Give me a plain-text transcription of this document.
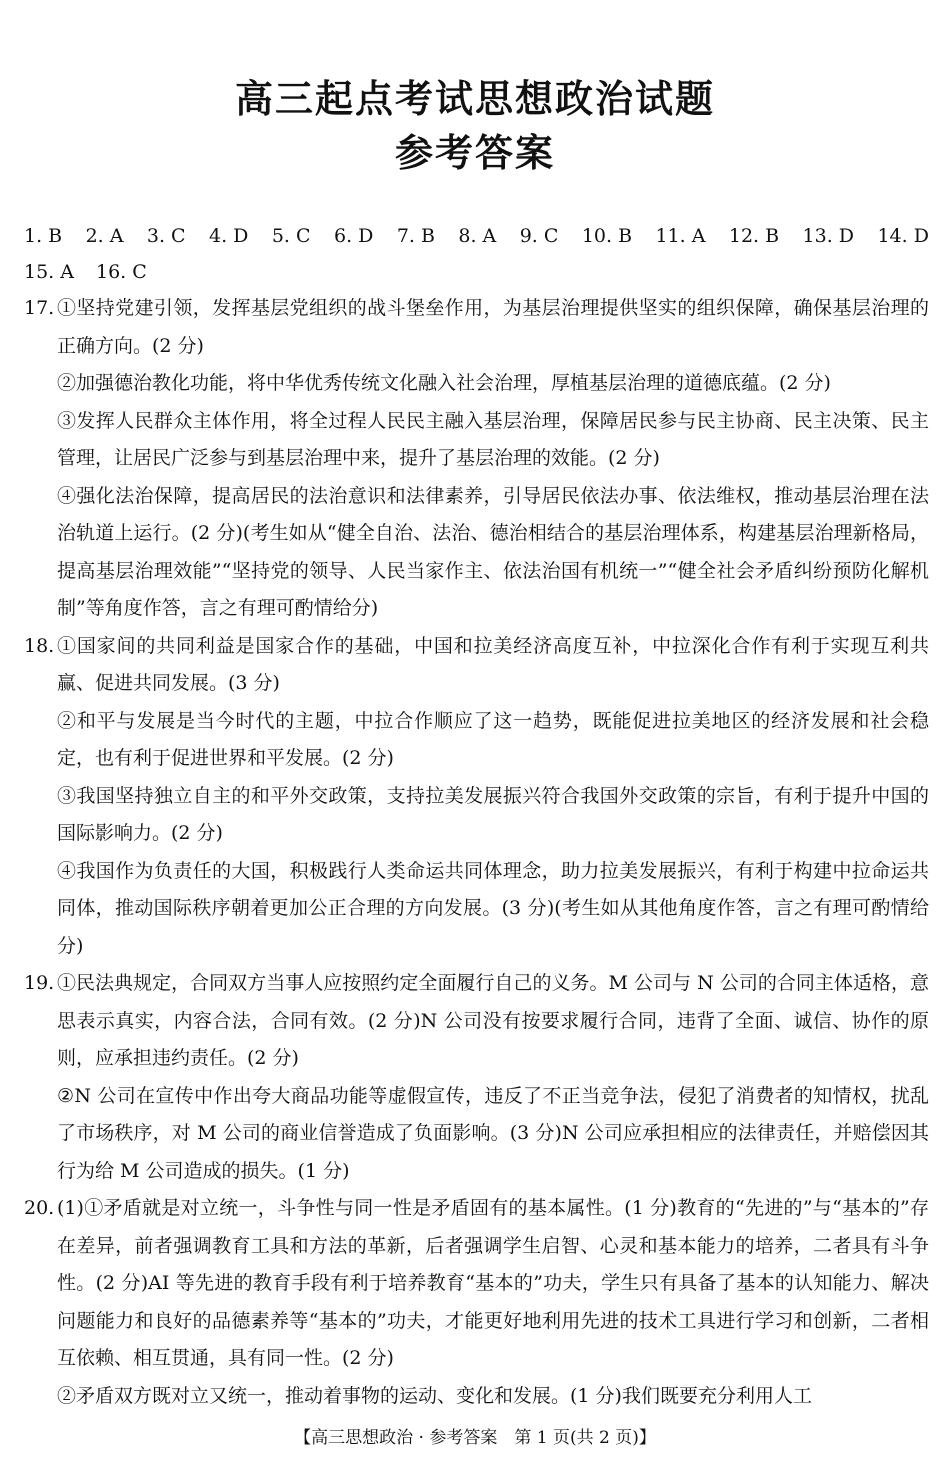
高三起点考试思想政治试题
参考答案
1. B 2. A 3. C 4. D 5. C 6. D 7. B 8. A 9. C 10. B 11. A 12. B 13. D 14. D
15. A 16. C
17. ①坚持党建引领，发挥基层党组织的战斗堡垒作用，为基层治理提供坚实的组织保障，确保基层治理的正确方向。(2 分)

②加强德治教化功能，将中华优秀传统文化融入社会治理，厚植基层治理的道德底蕴。(2 分)

③发挥人民群众主体作用，将全过程人民民主融入基层治理，保障居民参与民主协商、民主决策、民主管理，让居民广泛参与到基层治理中来，提升了基层治理的效能。(2 分)

④强化法治保障，提高居民的法治意识和法律素养，引导居民依法办事、依法维权，推动基层治理在法治轨道上运行。(2 分)(考生如从“健全自治、法治、德治相结合的基层治理体系，构建基层治理新格局，提高基层治理效能”“坚持党的领导、人民当家作主、依法治国有机统一”“健全社会矛盾纠纷预防化解机制”等角度作答，言之有理可酌情给分)

18. ①国家间的共同利益是国家合作的基础，中国和拉美经济高度互补，中拉深化合作有利于实现互利共赢、促进共同发展。(3 分)

②和平与发展是当今时代的主题，中拉合作顺应了这一趋势，既能促进拉美地区的经济发展和社会稳定，也有利于促进世界和平发展。(2 分)

③我国坚持独立自主的和平外交政策，支持拉美发展振兴符合我国外交政策的宗旨，有利于提升中国的国际影响力。(2 分)

④我国作为负责任的大国，积极践行人类命运共同体理念，助力拉美发展振兴，有利于构建中拉命运共同体，推动国际秩序朝着更加公正合理的方向发展。(3 分)(考生如从其他角度作答，言之有理可酌情给分)

19. ①民法典规定，合同双方当事人应按照约定全面履行自己的义务。M 公司与 N 公司的合同主体适格，意思表示真实，内容合法，合同有效。(2 分)N 公司没有按要求履行合同，违背了全面、诚信、协作的原则，应承担违约责任。(2 分)

②N 公司在宣传中作出夸大商品功能等虚假宣传，违反了不正当竞争法，侵犯了消费者的知情权，扰乱了市场秩序，对 M 公司的商业信誉造成了负面影响。(3 分)N 公司应承担相应的法律责任，并赔偿因其行为给 M 公司造成的损失。(1 分)

20. (1)①矛盾就是对立统一，斗争性与同一性是矛盾固有的基本属性。(1 分)教育的“先进的”与“基本的”存在差异，前者强调教育工具和方法的革新，后者强调学生启智、心灵和基本能力的培养，二者具有斗争性。(2 分)AI 等先进的教育手段有利于培养教育“基本的”功夫，学生只有具备了基本的认知能力、解决问题能力和良好的品德素养等“基本的”功夫，才能更好地利用先进的技术工具进行学习和创新，二者相互依赖、相互贯通，具有同一性。(2 分)

②矛盾双方既对立又统一，推动着事物的运动、变化和发展。(1 分)我们既要充分利用人工

【高三思想政治 · 参考答案　第 1 页(共 2 页)】
